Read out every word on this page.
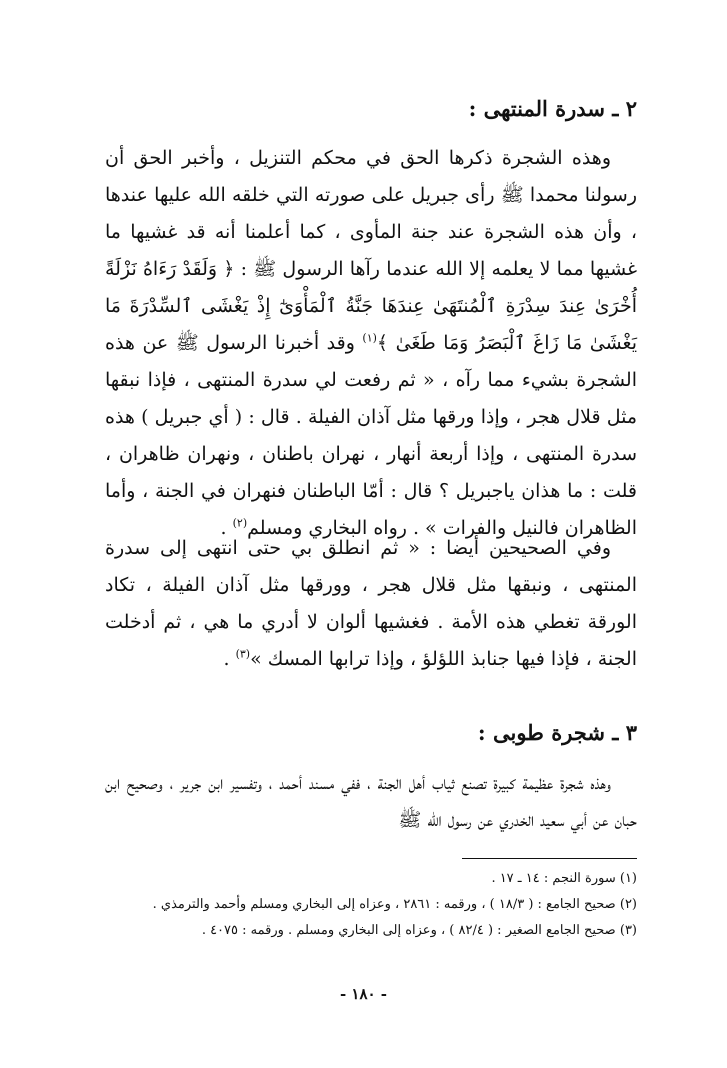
٢ ـ سدرة المنتهى :

وهذه الشجرة ذكرها الحق في محكم التنزيل ، وأخبر الحق أن رسولنا محمدا ﷺ رأى جبريل على صورته التي خلقه الله عليها عندها ، وأن هذه الشجرة عند جنة المأوى ، كما أعلمنا أنه قد غشيها ما غشيها مما لا يعلمه إلا الله عندما رآها الرسول ﷺ : ﴿ وَلَقَدْ رَءَاهُ نَزْلَةً أُخْرَىٰ عِندَ سِدْرَةِ ٱلْمُنتَهَىٰ عِندَهَا جَنَّةُ ٱلْمَأْوَىٰٓ إِذْ يَغْشَى ٱلسِّدْرَةَ مَا يَغْشَىٰ مَا زَاغَ ٱلْبَصَرُ وَمَا طَغَىٰ ﴾$^{(١)}$ وقد أخبرنا الرسول ﷺ عن هذه الشجرة بشيء مما رآه ، « ثم رفعت لي سدرة المنتهى ، فإذا نبقها مثل قلال هجر ، وإذا ورقها مثل آذان الفيلة . قال : ( أي جبريل ) هذه سدرة المنتهى ، وإذا أربعة أنهار ، نهران باطنان ، ونهران ظاهران ، قلت : ما هذان ياجبريل ؟ قال : أمّا الباطنان فنهران في الجنة ، وأما الظاهران فالنيل والفرات » . رواه البخاري ومسلم$^{(٢)}$ .

وفي الصحيحين أيضا : « ثم انطلق بي حتى انتهى إلى سدرة المنتهى ، ونبقها مثل قلال هجر ، وورقها مثل آذان الفيلة ، تكاد الورقة تغطي هذه الأمة . فغشيها ألوان لا أدري ما هي ، ثم أدخلت الجنة ، فإذا فيها جنابذ اللؤلؤ ، وإذا ترابها المسك »$^{(٣)}$ .

٣ ـ شجرة طوبى :

وهذه شجرة عظيمة كبيرة تصنع ثياب أهل الجنة ، ففي مسند أحمد ، وتفسير ابن جرير ، وصحيح ابن حبان عن أبي سعيد الخدري عن رسول الله ﷺ

(١) سورة النجم : ١٤ ـ ١٧ .
(٢) صحيح الجامع : ( ١٨/٣ ) ، ورقمه : ٢٨٦١ ، وعزاه إلى البخاري ومسلم وأحمد والترمذي .
(٣) صحيح الجامع الصغير : ( ٨٢/٤ ) ، وعزاه إلى البخاري ومسلم . ورقمه : ٤٠٧٥ .
- ١٨٠ -
